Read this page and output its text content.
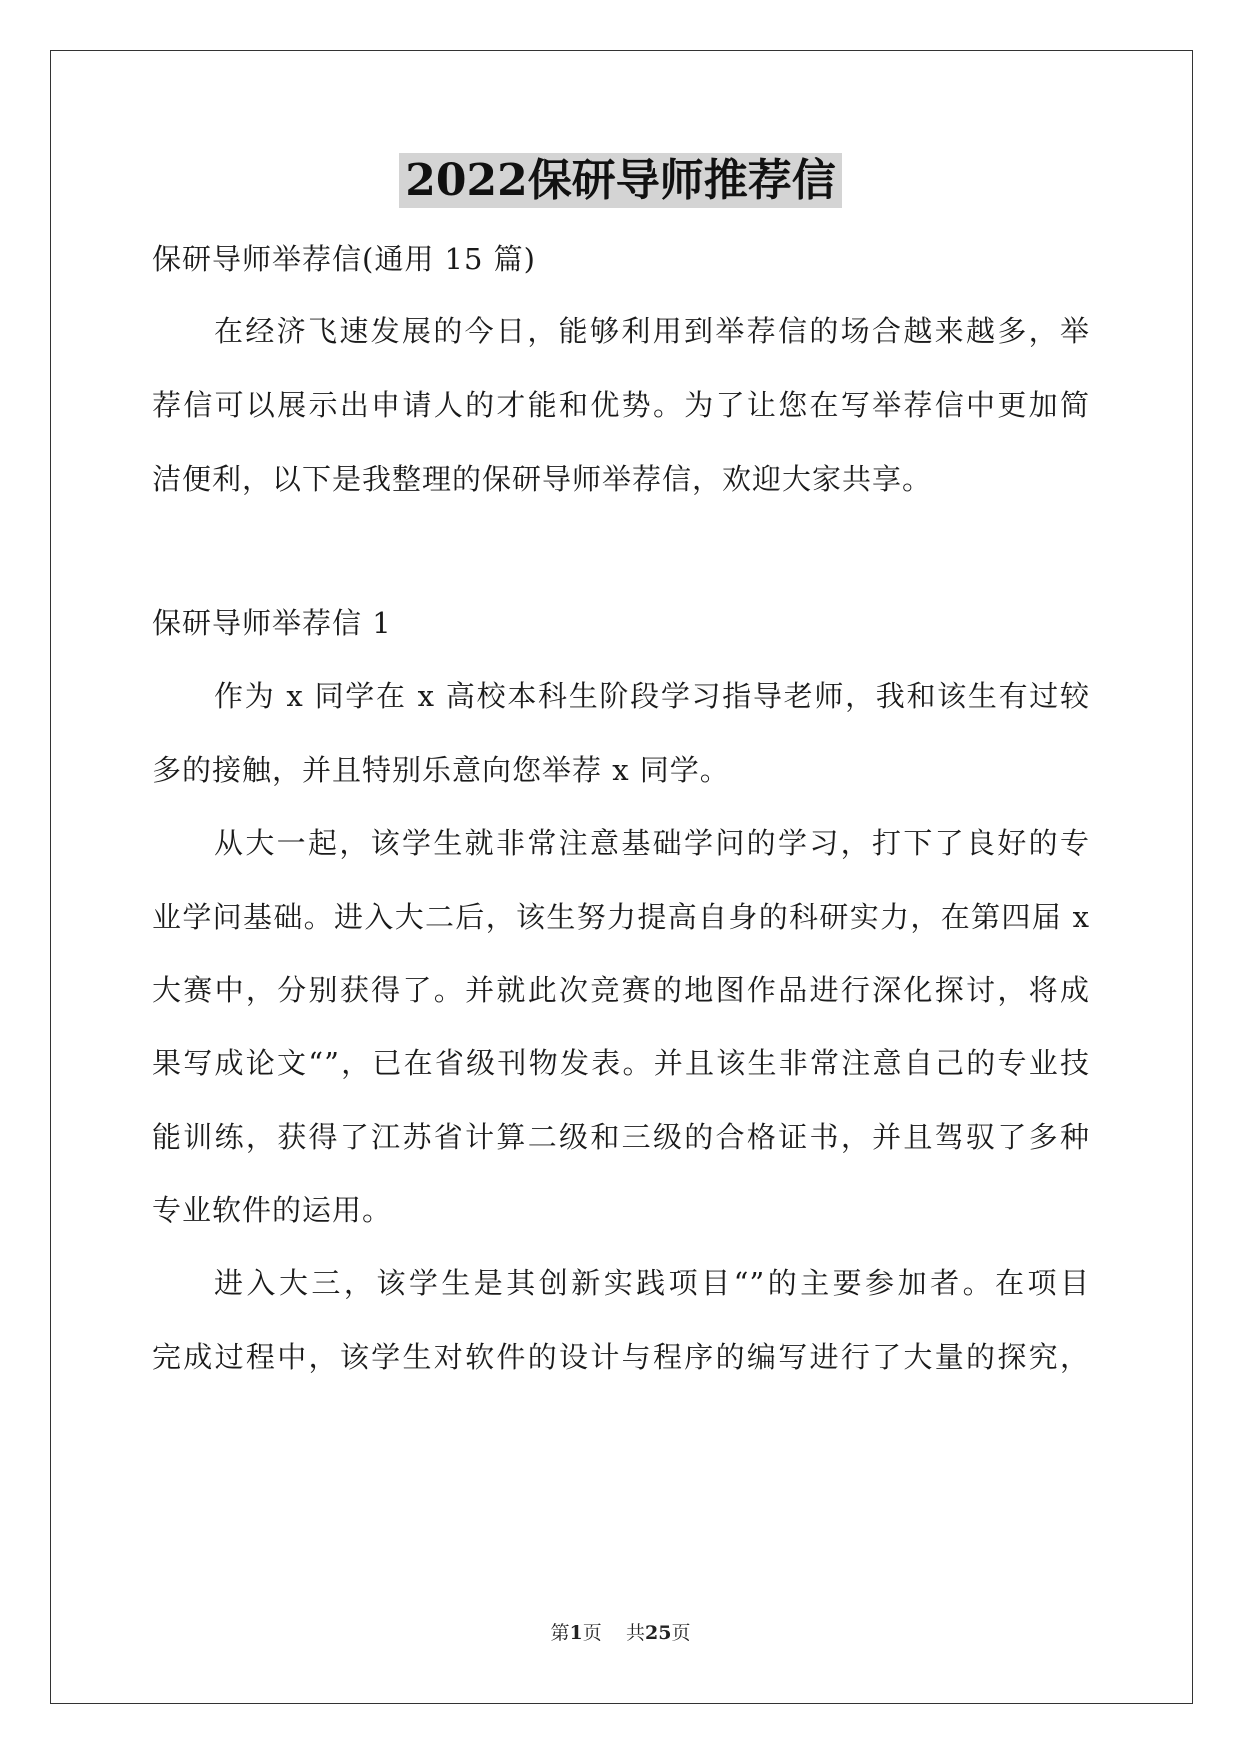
2022保研导师推荐信
保研导师举荐信(通用 15 篇)
在经济飞速发展的今日，能够利用到举荐信的场合越来越多，举
荐信可以展示出申请人的才能和优势。为了让您在写举荐信中更加简
洁便利，以下是我整理的保研导师举荐信，欢迎大家共享。
保研导师举荐信 1
作为 x 同学在 x 高校本科生阶段学习指导老师，我和该生有过较
多的接触，并且特别乐意向您举荐 x 同学。
从大一起，该学生就非常注意基础学问的学习，打下了良好的专
业学问基础。进入大二后，该生努力提高自身的科研实力，在第四届 x
大赛中，分别获得了。并就此次竞赛的地图作品进行深化探讨，将成
果写成论文“”，已在省级刊物发表。并且该生非常注意自己的专业技
能训练，获得了江苏省计算二级和三级的合格证书，并且驾驭了多种
专业软件的运用。
进入大三，该学生是其创新实践项目“”的主要参加者。在项目
完成过程中，该学生对软件的设计与程序的编写进行了大量的探究，
第1页 共25页
